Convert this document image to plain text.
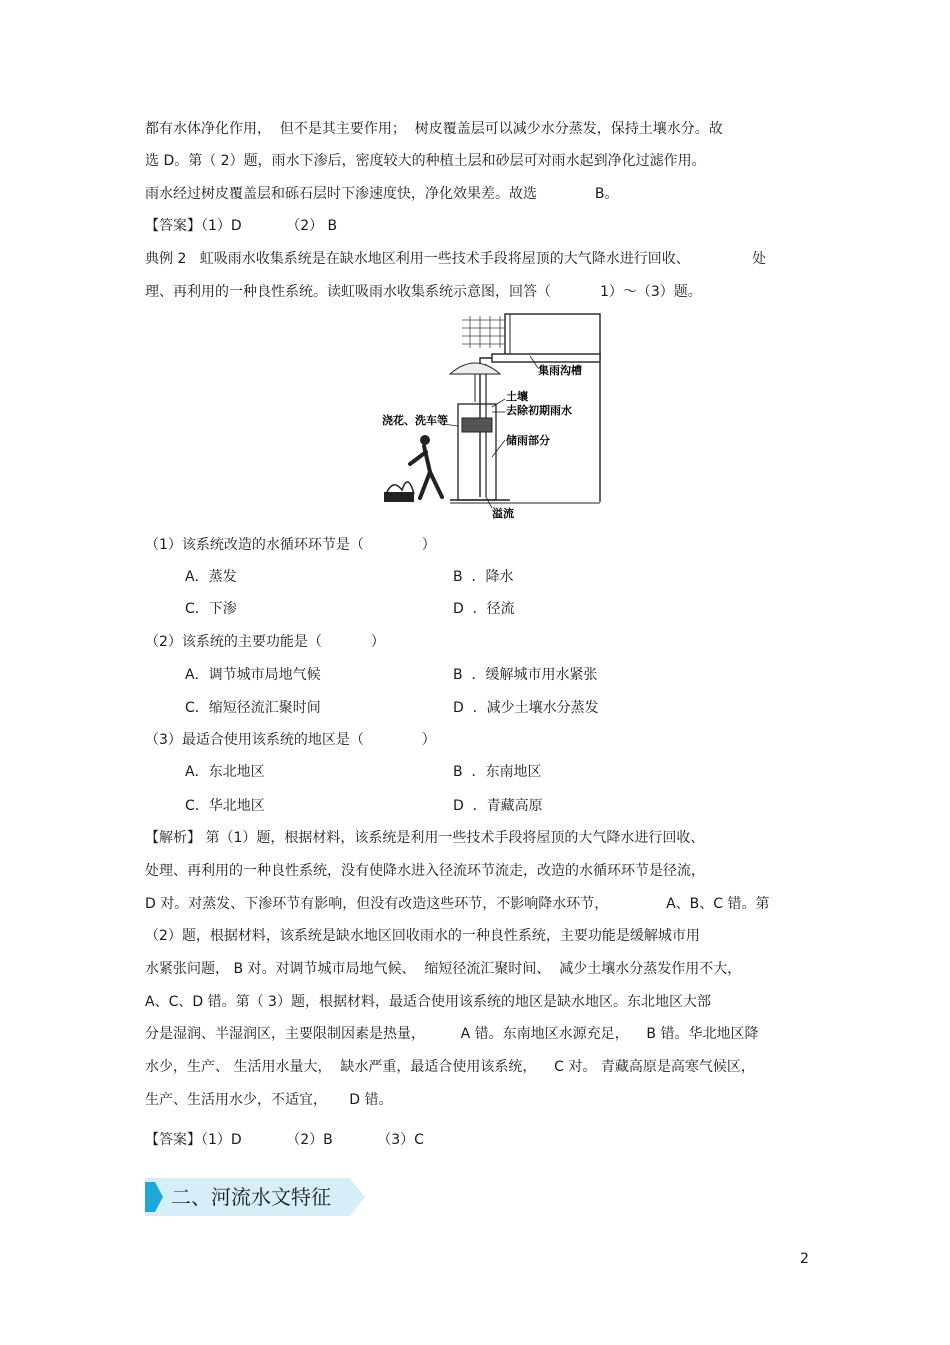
都有水体净化作用，  但不是其主要作用；  树皮覆盖层可以减少水分蒸发，保持土壤水分。故
选 D。第（ 2）题，雨水下渗后，密度较大的种植土层和砂层可对雨水起到净化过滤作用。
雨水经过树皮覆盖层和砾石层时下渗速度快，净化效果差。故选             B。
【答案】（1）D          （2） B
典例 2   虹吸雨水收集系统是在缺水地区利用一些技术手段将屋顶的大气降水进行回收、              处
理、再利用的一种良性系统。读虹吸雨水收集系统示意图，回答（           1）～（3）题。
集雨沟槽
土壤
去除初期雨水
浇花、洗车等
储雨部分
溢流
（1）该系统改造的水循环环节是（             ）
A．蒸发	B  ．降水
C．下渗	D  ．径流
（2）该系统的主要功能是（           ）
A．调节城市局地气候	B  ．缓解城市用水紧张
C．缩短径流汇聚时间	D  ．减少土壤水分蒸发
（3）最适合使用该系统的地区是（             ）
A．东北地区	B  ．东南地区
C．华北地区	D  ．青藏高原
【解析】 第（1）题，根据材料，该系统是利用一些技术手段将屋顶的大气降水进行回收、
处理、再利用的一种良性系统，没有使降水进入径流环节流走，改造的水循环环节是径流，
D 对。对蒸发、下渗环节有影响，但没有改造这些环节，不影响降水环节，             A、B、C 错。第
（2）题，根据材料，该系统是缺水地区回收雨水的一种良性系统，主要功能是缓解城市用
水紧张问题， B 对。对调节城市局地气候、  缩短径流汇聚时间、  减少土壤水分蒸发作用不大，
A、C、D 错。第（ 3）题，根据材料，最适合使用该系统的地区是缺水地区。东北地区大部
分是湿润、半湿润区，主要限制因素是热量，        A 错。东南地区水源充足，    B 错。华北地区降
水少，生产、 生活用水量大，  缺水严重，最适合使用该系统，    C 对。 青藏高原是高寒气候区，
生产、生活用水少，不适宜，     D 错。
【答案】（1）D          （2）B          （3）C
二、河流水文特征
2
